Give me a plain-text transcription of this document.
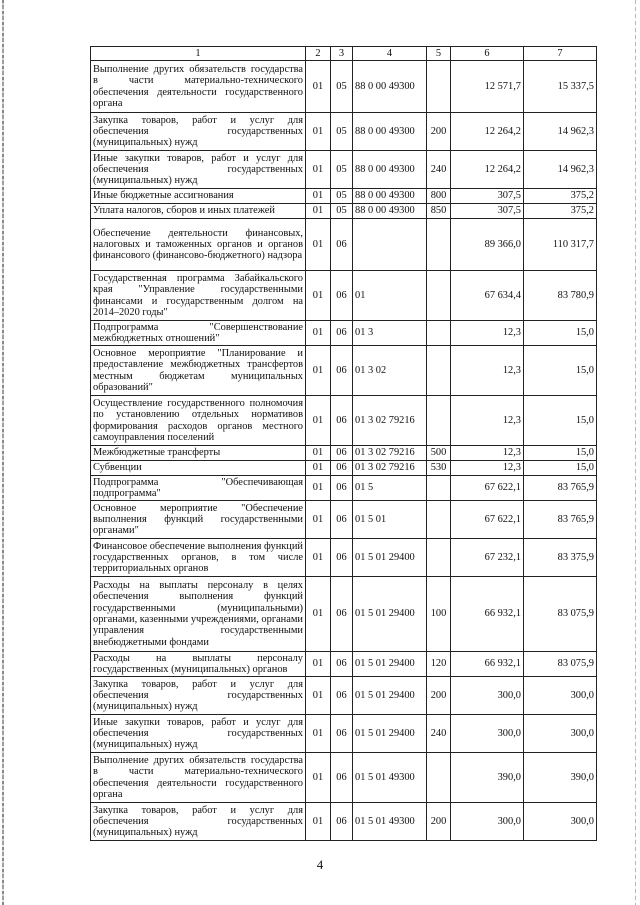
1	2	3	4	5	6	7
Выполнение других обязательств государства в части материально-технического обеспечения деятельности государственного органа	01	05	88 0 00 49300		12 571,7	15 337,5
Закупка товаров, работ и услуг для обеспечения государственных (муниципальных) нужд	01	05	88 0 00 49300	200	12 264,2	14 962,3
Иные закупки товаров, работ и услуг для обеспечения государственных (муниципальных) нужд	01	05	88 0 00 49300	240	12 264,2	14 962,3
Иные бюджетные ассигнования	01	05	88 0 00 49300	800	307,5	375,2
Уплата налогов, сборов и иных платежей	01	05	88 0 00 49300	850	307,5	375,2
Обеспечение деятельности финансовых, налоговых и таможенных органов и органов финансового (финансово-бюджетного) надзора	01	06			89 366,0	110 317,7
Государственная программа Забайкальского края "Управление государственными финансами и государственным долгом на 2014–2020 годы"	01	06	01		67 634,4	83 780,9
Подпрограмма "Совершенствование межбюджетных отношений"	01	06	01 3		12,3	15,0
Основное мероприятие "Планирование и предоставление межбюджетных трансфертов местным бюджетам муниципальных образований"	01	06	01 3 02		12,3	15,0
Осуществление государственного полномочия по установлению отдельных нормативов формирования расходов органов местного самоуправления поселений	01	06	01 3 02 79216		12,3	15,0
Межбюджетные трансферты	01	06	01 3 02 79216	500	12,3	15,0
Субвенции	01	06	01 3 02 79216	530	12,3	15,0
Подпрограмма "Обеспечивающая подпрограмма"	01	06	01 5		67 622,1	83 765,9
Основное мероприятие "Обеспечение выполнения функций государственными органами"	01	06	01 5 01		67 622,1	83 765,9
Финансовое обеспечение выполнения функций государственных органов, в том числе территориальных органов	01	06	01 5 01 29400		67 232,1	83 375,9
Расходы на выплаты персоналу в целях обеспечения выполнения функций государственными (муниципальными) органами, казенными учреждениями, органами управления государственными внебюджетными фондами	01	06	01 5 01 29400	100	66 932,1	83 075,9
Расходы на выплаты персоналу государственных (муниципальных) органов	01	06	01 5 01 29400	120	66 932,1	83 075,9
Закупка товаров, работ и услуг для обеспечения государственных (муниципальных) нужд	01	06	01 5 01 29400	200	300,0	300,0
Иные закупки товаров, работ и услуг для обеспечения государственных (муниципальных) нужд	01	06	01 5 01 29400	240	300,0	300,0
Выполнение других обязательств государства в части материально-технического обеспечения деятельности государственного органа	01	06	01 5 01 49300		390,0	390,0
Закупка товаров, работ и услуг для обеспечения государственных (муниципальных) нужд	01	06	01 5 01 49300	200	300,0	300,0
4
